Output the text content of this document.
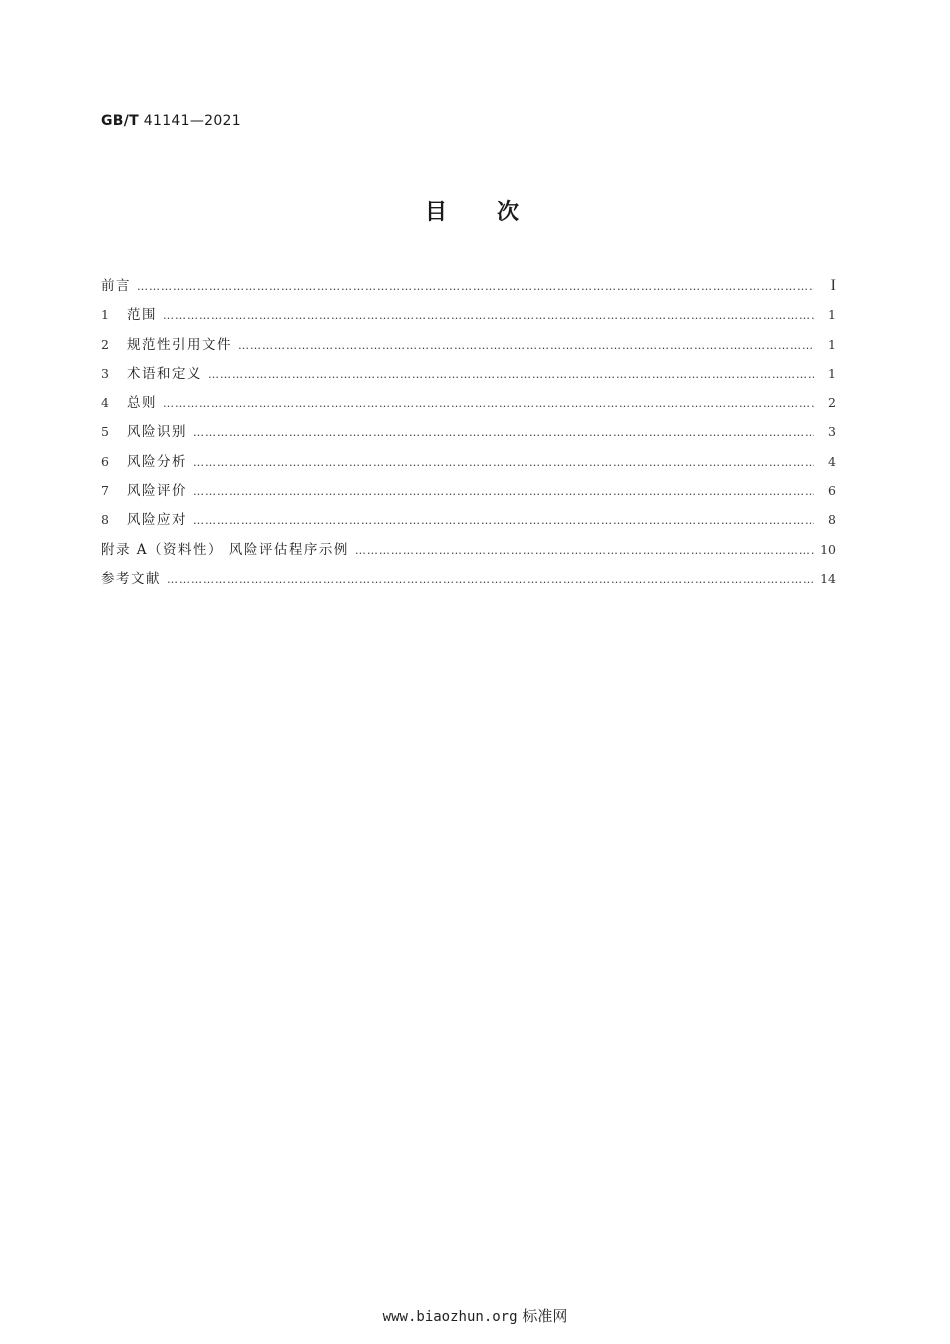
GB/T 41141—2021
目次
前言 …………………………………………………………………………………………………………………………………………………………………………………	I
1	范围 …………………………………………………………………………………………………………………………………………………………………………………	1
2	规范性引用文件 …………………………………………………………………………………………………………………………………………………………………………………	1
3	术语和定义 …………………………………………………………………………………………………………………………………………………………………………………	1
4	总则 …………………………………………………………………………………………………………………………………………………………………………………	2
5	风险识别 …………………………………………………………………………………………………………………………………………………………………………………	3
6	风险分析 …………………………………………………………………………………………………………………………………………………………………………………	4
7	风险评价 …………………………………………………………………………………………………………………………………………………………………………………	6
8	风险应对 …………………………………………………………………………………………………………………………………………………………………………………	8
附录 A（资料性） 风险评估程序示例 …………………………………………………………………………………………………………………………………………………………………………………	10
参考文献 …………………………………………………………………………………………………………………………………………………………………………………	14
www.biaozhun.org 标准网
